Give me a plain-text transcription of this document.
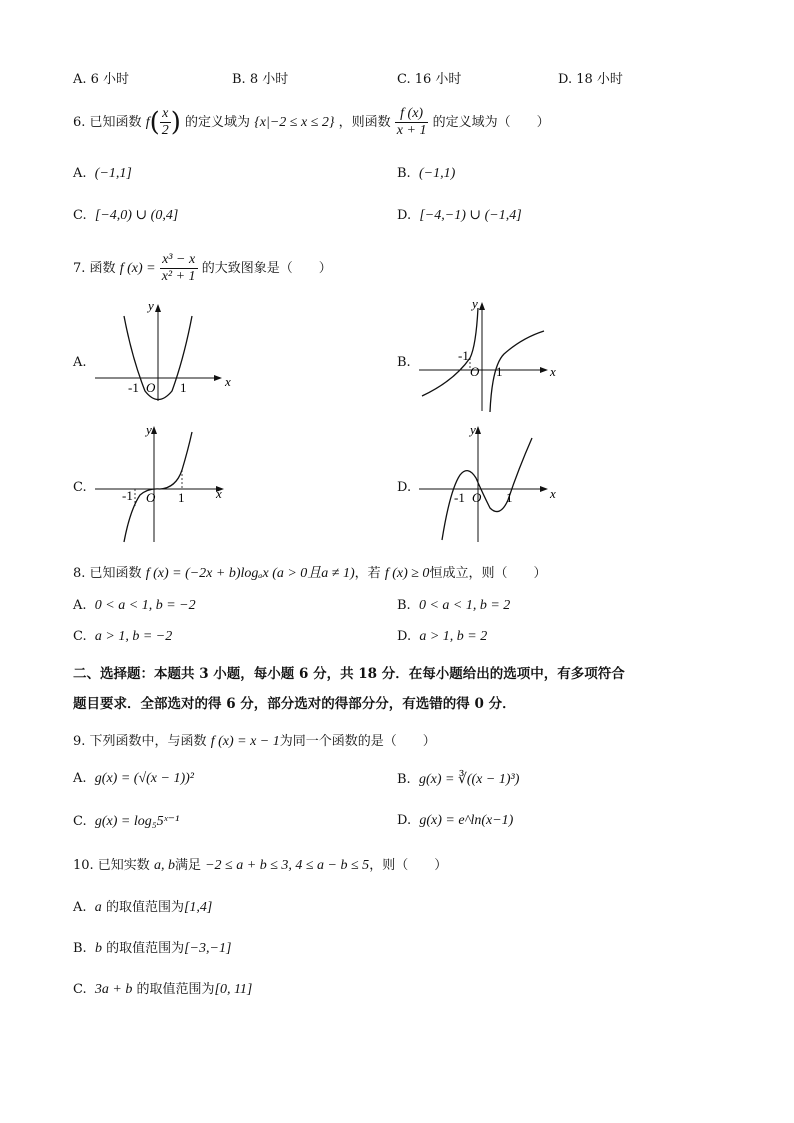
A. 6 小时	B. 8 小时	C. 16 小时	D. 18 小时
6. 已知函数 $f( \frac{x}{2}$ ) 的定义域为 {x|−2 ≤ x ≤ 2} ，则函数 $\frac{f (x)}{x + 1}$ 的定义域为（　　）
A. (−1,1]	B. (−1,1)
C. [−4,0) ∪ (0,4]	D. [−4,−1) ∪ (−1,4]
7. 函数 f $(x) = \frac{\text{x³ − x}}{\text{x² + 1}}$ 的大致图象是（　　）
A.
x
y
O
-1	1
B.
x
y
O
-1
1
C.	x
y
O
-1	1
D.	x
y
O
-1	1
8. 已知函数 f (x) = (−2x + b)logₐx (a > 0且a ≠ 1)，若 f (x) ≥ 0恒成立，则（　　）
A. 0 < a < 1, b = −2	B. 0 < a < 1, b = 2
C. a > 1, b = −2	D. a > 1, b = 2
二、选择题：本题共 3 小题，每小题 6 分，共 18 分．在每小题给出的选项中，有多项符合
题目要求．全部选对的得 6 分，部分选对的得部分分，有选错的得 0 分．
9. 下列函数中，与函数 f (x) = x − 1为同一个函数的是（　　）
A. g(x) = (√(x − 1))²	B. g(x) = ∛((x − 1)³)
C. g(x) = log₅5ˣ⁻¹	D. g(x) = e^ln(x−1)
10. 已知实数 a, b满足 −2 ≤ a + b ≤ 3, 4 ≤ a − b ≤ 5，则（　　）
A. a 的取值范围为[1,4]
B. b 的取值范围为[−3,−1]
C. 3a + b 的取值范围为[0, 11]
